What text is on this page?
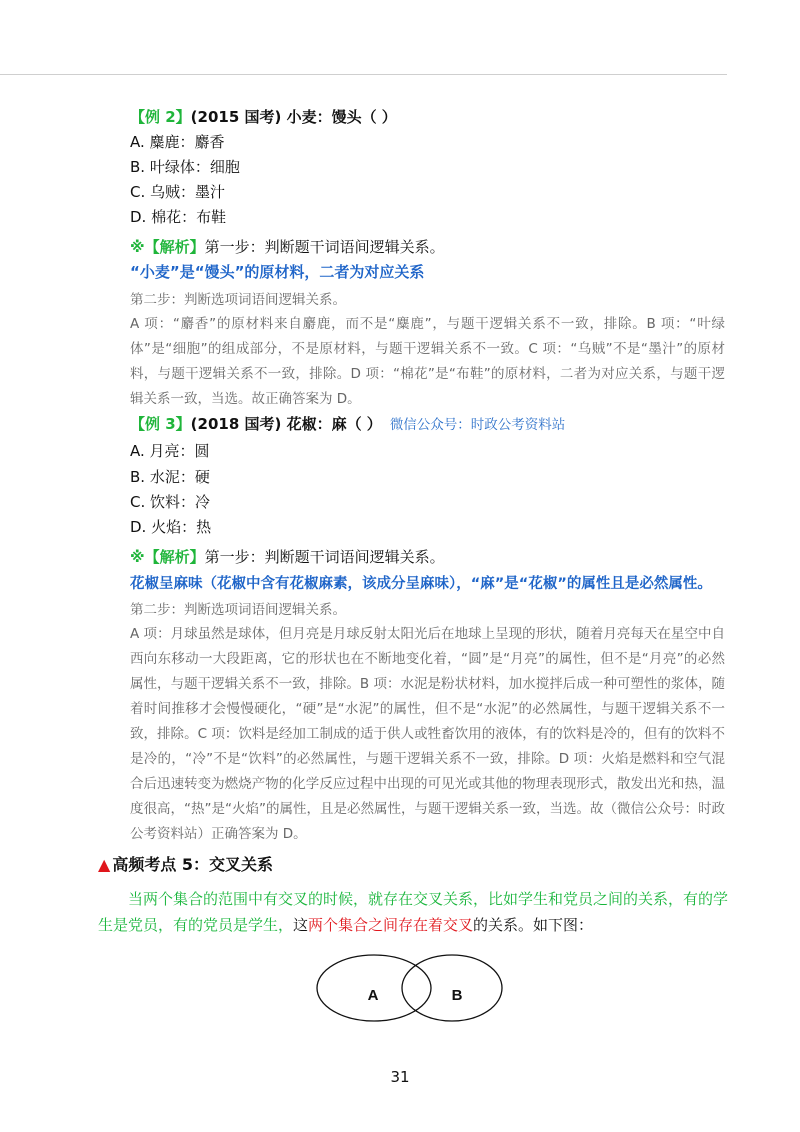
【例 2】(2015 国考) 小麦：馒头（ ）
A. 麋鹿：麝香
B. 叶绿体：细胞
C. 乌贼：墨汁
D. 棉花：布鞋
※【解析】第一步：判断题干词语间逻辑关系。
“小麦”是“馒头”的原材料，二者为对应关系
第二步：判断选项词语间逻辑关系。
A 项：“麝香”的原材料来自麝鹿，而不是“麋鹿”，与题干逻辑关系不一致，排除。B 项：“叶绿体”是“细胞”的组成部分，不是原材料，与题干逻辑关系不一致。C 项：“乌贼”不是“墨汁”的原材料，与题干逻辑关系不一致，排除。D 项：“棉花”是“布鞋”的原材料，二者为对应关系，与题干逻辑关系一致，当选。故正确答案为 D。
【例 3】(2018 国考) 花椒：麻（ ） 微信公众号：时政公考资料站
A. 月亮：圆
B. 水泥：硬
C. 饮料：冷
D. 火焰：热
※【解析】第一步：判断题干词语间逻辑关系。
花椒呈麻味（花椒中含有花椒麻素，该成分呈麻味），“麻”是“花椒”的属性且是必然属性。
第二步：判断选项词语间逻辑关系。
A 项：月球虽然是球体，但月亮是月球反射太阳光后在地球上呈现的形状，随着月亮每天在星空中自西向东移动一大段距离，它的形状也在不断地变化着，“圆”是“月亮”的属性，但不是“月亮”的必然属性，与题干逻辑关系不一致，排除。B 项：水泥是粉状材料，加水搅拌后成一种可塑性的浆体，随着时间推移才会慢慢硬化，“硬”是“水泥”的属性，但不是“水泥”的必然属性，与题干逻辑关系不一致，排除。C 项：饮料是经加工制成的适于供人或牲畜饮用的液体，有的饮料是冷的，但有的饮料不是冷的，“冷”不是“饮料”的必然属性，与题干逻辑关系不一致，排除。D 项：火焰是燃料和空气混合后迅速转变为燃烧产物的化学反应过程中出现的可见光或其他的物理表现形式，散发出光和热，温度很高，“热”是“火焰”的属性，且是必然属性，与题干逻辑关系一致，当选。故（微信公众号：时政公考资料站）正确答案为 D。
▲ 高频考点 5：交叉关系
当两个集合的范围中有交叉的时候，就存在交叉关系，比如学生和党员之间的关系，有的学生是党员，有的党员是学生，这两个集合之间存在着交叉的关系。如下图：
A	B
31
